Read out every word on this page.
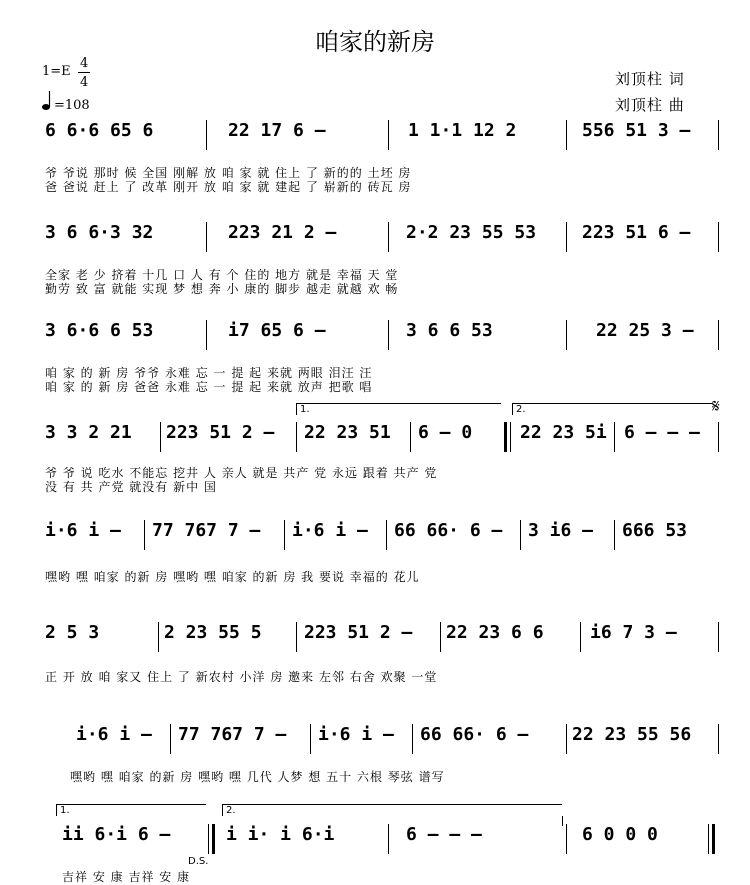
咱家的新房
1=E
4
4
=108
刘顶柱 词
刘顶柱 曲
6 6·6 65 6	22 17 6 –	1 1·1 12 2	556 51 3 –
爷 爷说 那时 候 全国 刚解 放 咱 家 就 住上 了 新的的 土坯 房
爸 爸说 赶上 了 改革 刚开 放 咱 家 就 建起 了 崭新的 砖瓦 房
3 6 6·3 32	223 21 2 –	2·2 23 55 53	223 51 6 –
全家 老 少 挤着 十几 口 人 有 个 住的 地方 就是 幸福 天 堂
勤劳 致 富 就能 实现 梦 想 奔 小 康的 脚步 越走 就越 欢 畅
3 6·6 6 53	i7 65 6 –	3 6 6 53	22 25 3 –
咱 家 的 新 房 爷爷 永难 忘 一 提 起 来就 两眼 泪汪 汪
咱 家 的 新 房 爸爸 永难 忘 一 提 起 来就 放声 把歌 唱
1.	2.	𝄋
3 3 2 21 223 51 2 – 22 23 51 6 – 0	22 23 5i 6 – – –
爷 爷 说 吃水 不能忘 挖井 人 亲人 就是 共产 党 永远 跟着 共产 党
没 有 共 产党 就没有 新中 国
i·6 i – 77 767 7 – i·6 i – 66 66· 6 – 3 i6 – 666 53
嘿哟 嘿 咱家 的新 房 嘿哟 嘿 咱家 的新 房 我 要说 幸福的 花儿
2 5 3	2 23 55 5 223 51 2 – 22 23 6 6	i6 7 3 –
正 开 放 咱 家又 住上 了 新农村 小洋 房 邀来 左邻 右舍 欢聚 一堂
i·6 i – 77 767 7 – i·6 i – 66 66· 6 – 22 23 55 56
嘿哟 嘿 咱家 的新 房 嘿哟 嘿 几代 人梦 想 五十 六根 琴弦 谱写
1.	2.
ii 6·i 6 –	i i· i 6·i	6 – – –	6 0 0 0
D.S.
吉祥 安 康 吉祥 安 康
